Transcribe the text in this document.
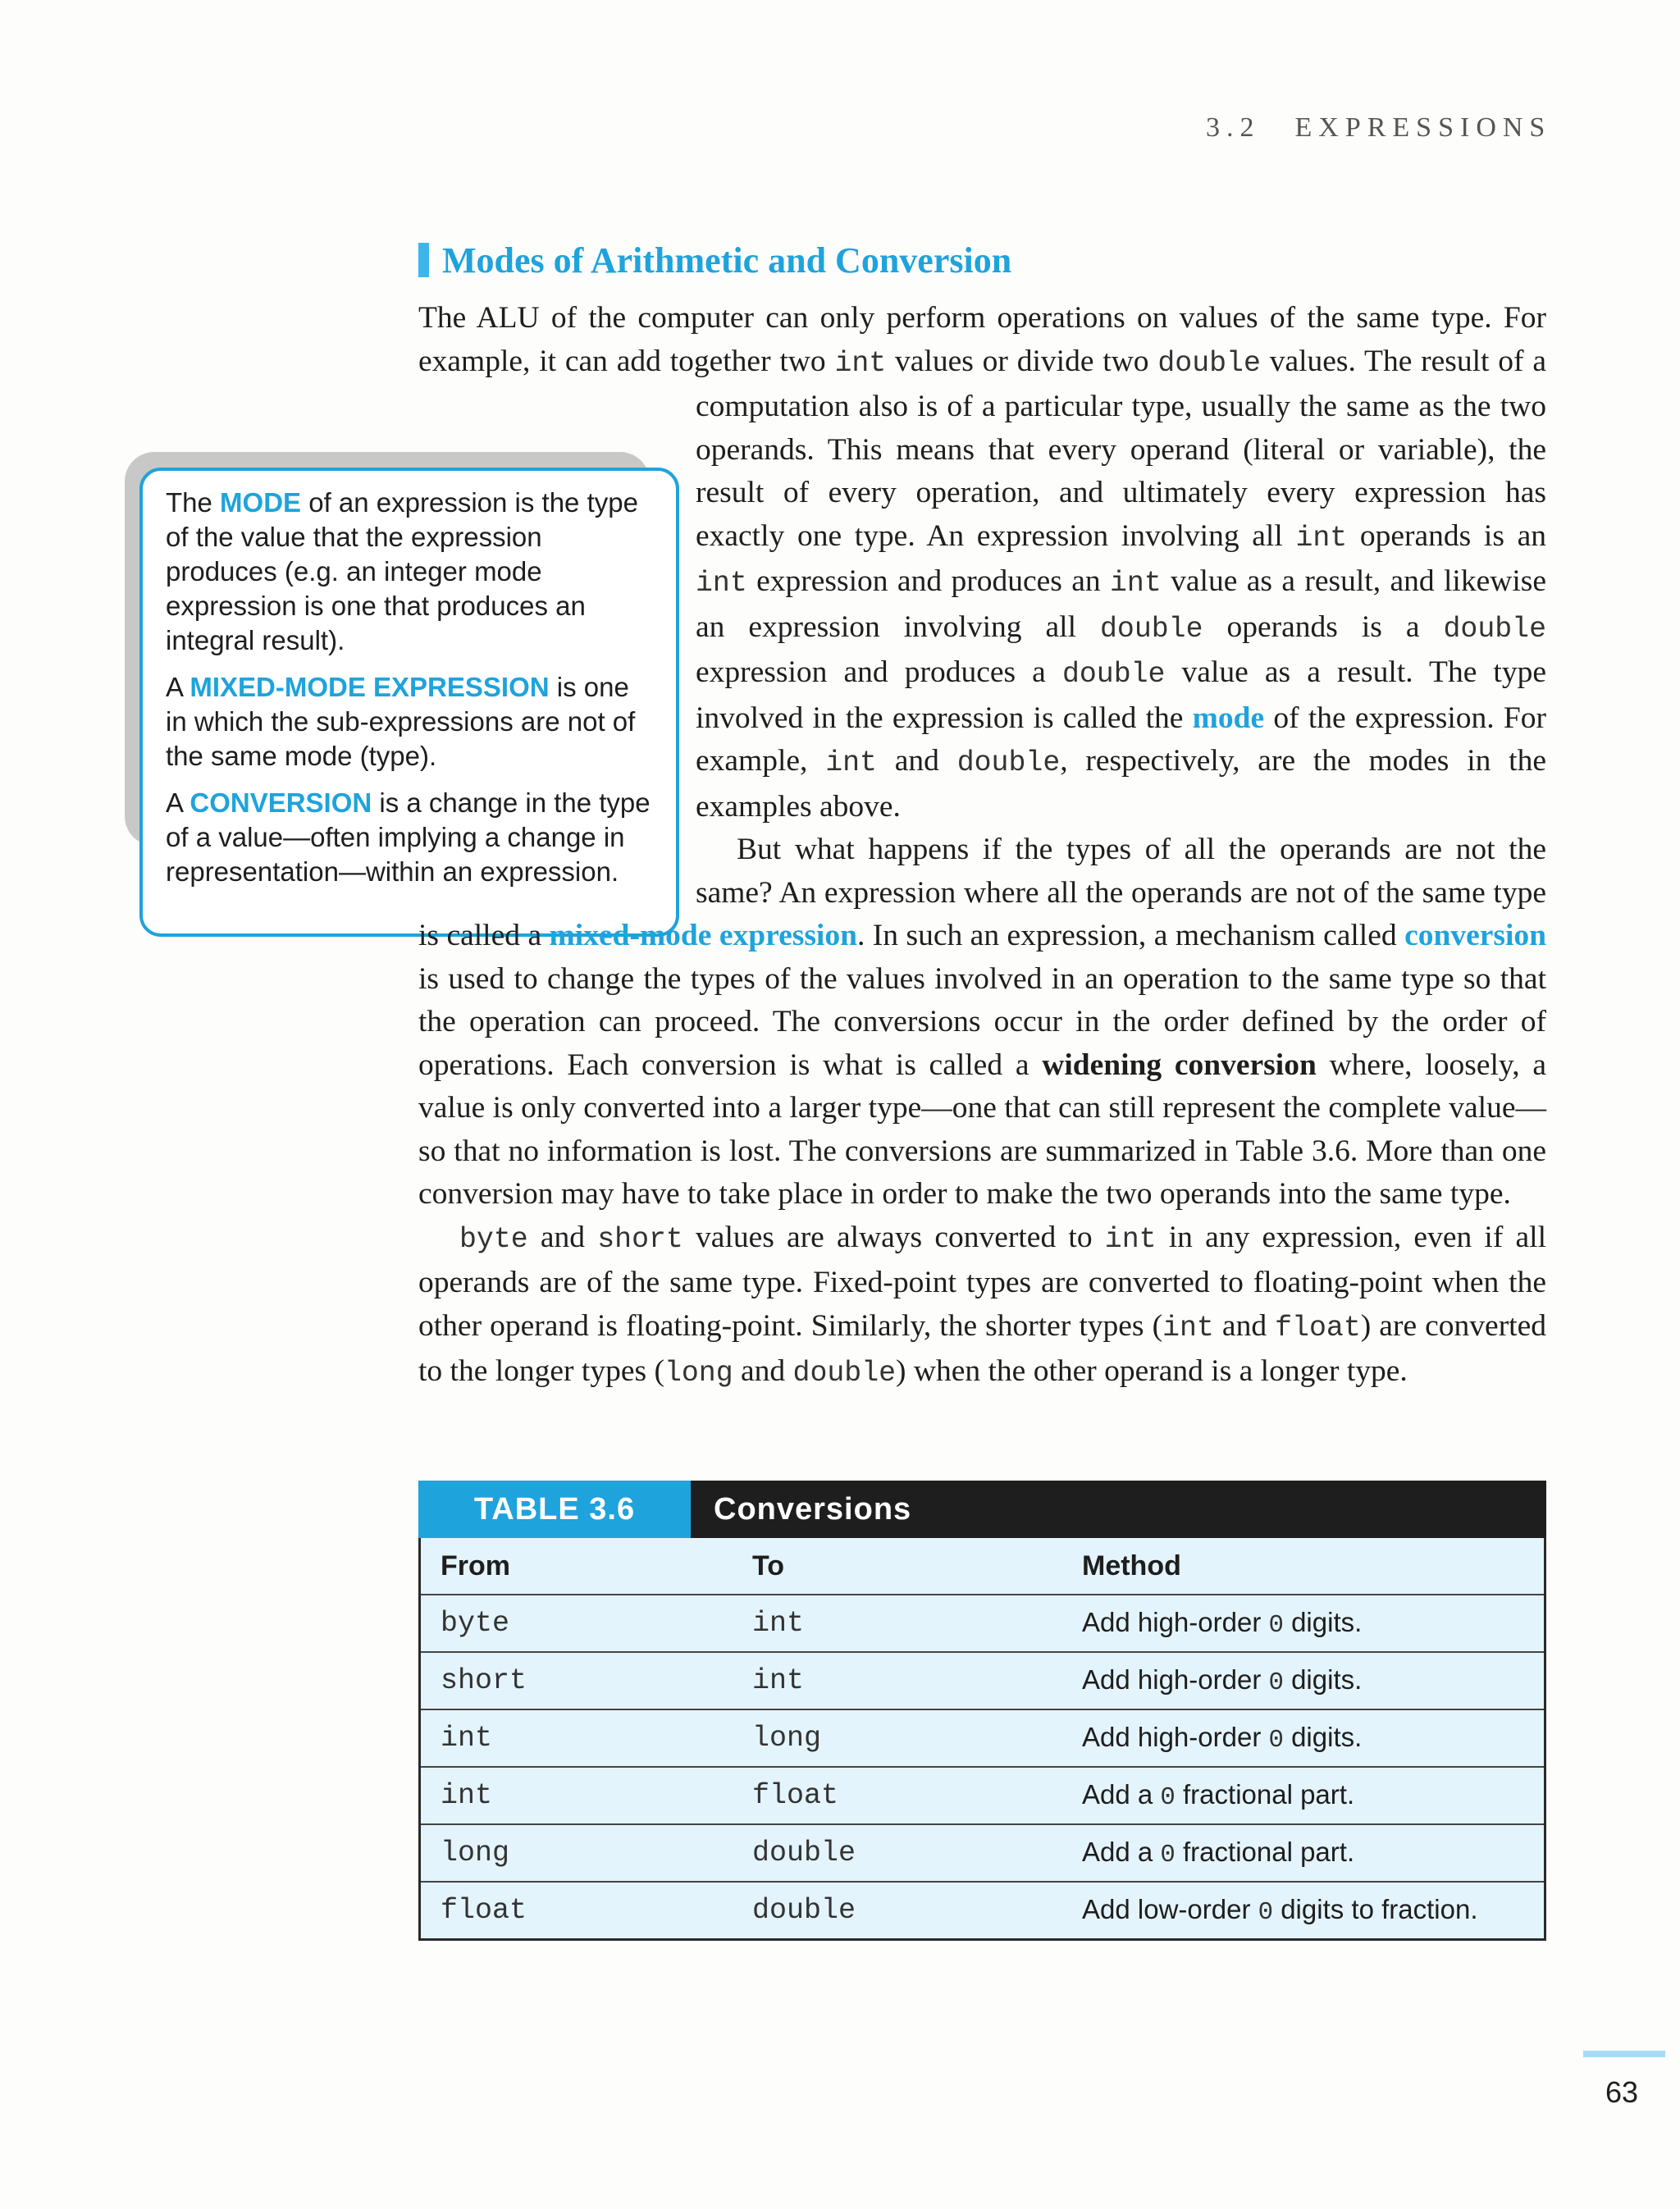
3.2 EXPRESSIONS
Modes of Arithmetic and Conversion

The MODE of an expression is the type of the value that the expression produces (e.g. an integer mode expression is one that produces an integral result).

A MIXED-MODE EXPRESSION is one in which the sub-expressions are not of the same mode (type).

A CONVERSION is a change in the type of a value—often implying a change in representation—within an expression.

The ALU of the computer can only perform operations on values of the same type. For example, it can add together two int values or divide two double values. The result of a computation also is of a particular type, usually the same as the two operands. This means that every operand (literal or variable), the result of every operation, and ultimately every expression has exactly one type. An expression involving all int operands is an int expression and produces an int value as a result, and likewise an expression involving all double operands is a double expression and produces a double value as a result. The type involved in the expression is called the mode of the expression. For example, int and double, respectively, are the modes in the examples above.

But what happens if the types of all the operands are not the same? An expression where all the operands are not of the same type is called a mixed-mode expression. In such an expression, a mechanism called conversion is used to change the types of the values involved in an operation to the same type so that the operation can proceed. The conversions occur in the order defined by the order of operations. Each conversion is what is called a widening conversion where, loosely, a value is only converted into a larger type—one that can still represent the complete value—so that no information is lost. The conversions are summarized in Table 3.6. More than one conversion may have to take place in order to make the two operands into the same type.

byte and short values are always converted to int in any expression, even if all operands are of the same type. Fixed-point types are converted to floating-point when the other operand is floating-point. Similarly, the shorter types (int and float) are converted to the longer types (long and double) when the other operand is a longer type.

TABLE 3.6	Conversions
From	To	Method
byte	int	Add high-order 0 digits.
short	int	Add high-order 0 digits.
int	long	Add high-order 0 digits.
int	float	Add a 0 fractional part.
long	double	Add a 0 fractional part.
float	double	Add low-order 0 digits to fraction.
63
